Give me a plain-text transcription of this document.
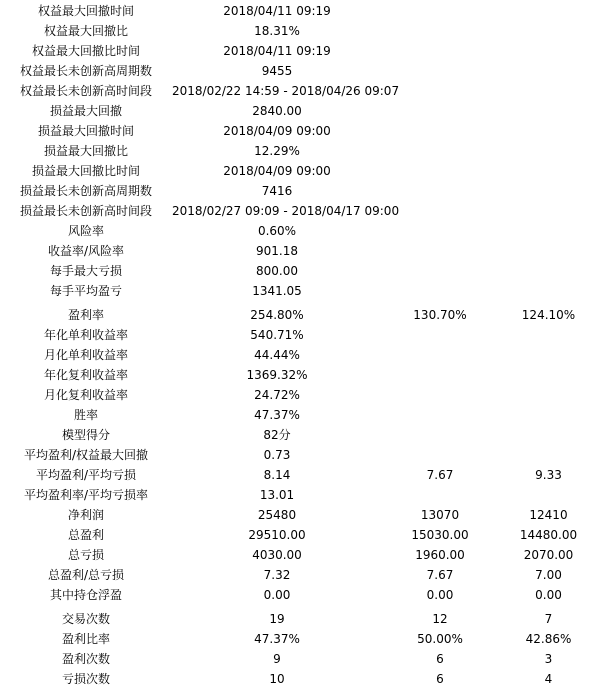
权益最大回撤时间	2018/04/11 09:19
权益最大回撤比	18.31%
权益最大回撤比时间	2018/04/11 09:19
权益最长未创新高周期数	9455
权益最长未创新高时间段	2018/02/22 14:59 - 2018/04/26 09:07
损益最大回撤	2840.00
损益最大回撤时间	2018/04/09 09:00
损益最大回撤比	12.29%
损益最大回撤比时间	2018/04/09 09:00
损益最长未创新高周期数	7416
损益最长未创新高时间段	2018/02/27 09:09 - 2018/04/17 09:00
风险率	0.60%
收益率/风险率	901.18
每手最大亏损	800.00
每手平均盈亏	1341.05
盈利率	254.80%	130.70%	124.10%
年化单利收益率	540.71%
月化单利收益率	44.44%
年化复利收益率	1369.32%
月化复利收益率	24.72%
胜率	47.37%
模型得分	82分
平均盈利/权益最大回撤	0.73
平均盈利/平均亏损	8.14	7.67	9.33
平均盈利率/平均亏损率	13.01
净利润	25480	13070	12410
总盈利	29510.00	15030.00	14480.00
总亏损	4030.00	1960.00	2070.00
总盈利/总亏损	7.32	7.67	7.00
其中持仓浮盈	0.00	0.00	0.00
交易次数	19	12	7
盈利比率	47.37%	50.00%	42.86%
盈利次数	9	6	3
亏损次数	10	6	4
